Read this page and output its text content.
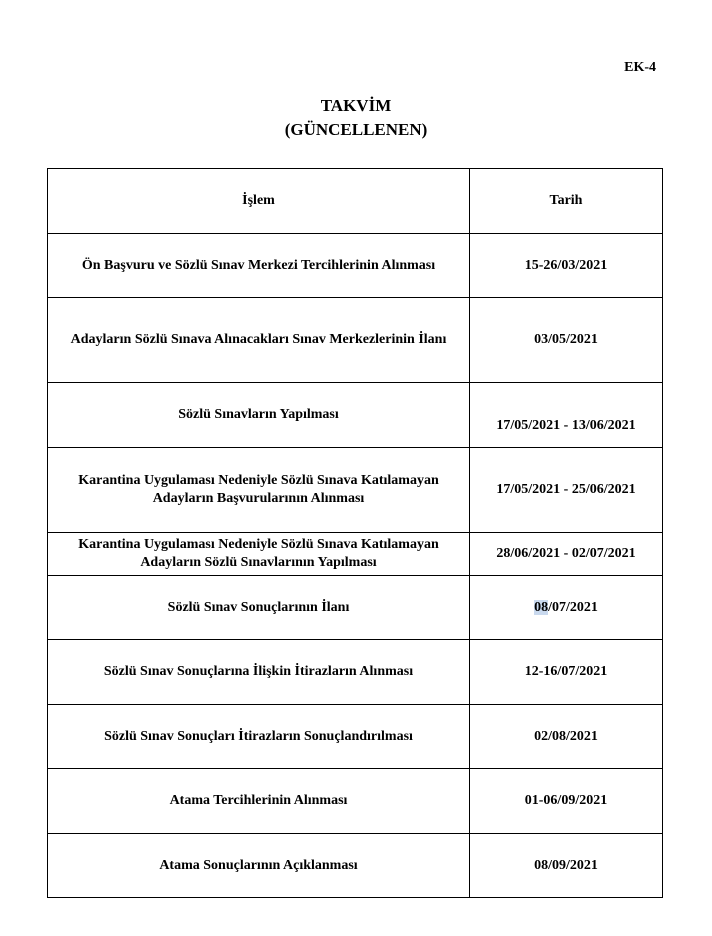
EK-4
TAKVİM
(GÜNCELLENEN)
İşlem	Tarih
Ön Başvuru ve Sözlü Sınav Merkezi Tercihlerinin Alınması	15-26/03/2021
Adayların Sözlü Sınava Alınacakları Sınav Merkezlerinin İlanı	03/05/2021
Sözlü Sınavların Yapılması	17/05/2021 - 13/06/2021
Karantina Uygulaması Nedeniyle Sözlü Sınava Katılamayan Adayların Başvurularının Alınması	17/05/2021 - 25/06/2021
Karantina Uygulaması Nedeniyle Sözlü Sınava Katılamayan Adayların Sözlü Sınavlarının Yapılması	28/06/2021 - 02/07/2021
Sözlü Sınav Sonuçlarının İlanı	08/07/2021
Sözlü Sınav Sonuçlarına İlişkin İtirazların Alınması	12-16/07/2021
Sözlü Sınav Sonuçları İtirazların Sonuçlandırılması	02/08/2021
Atama Tercihlerinin Alınması	01-06/09/2021
Atama Sonuçlarının Açıklanması	08/09/2021
